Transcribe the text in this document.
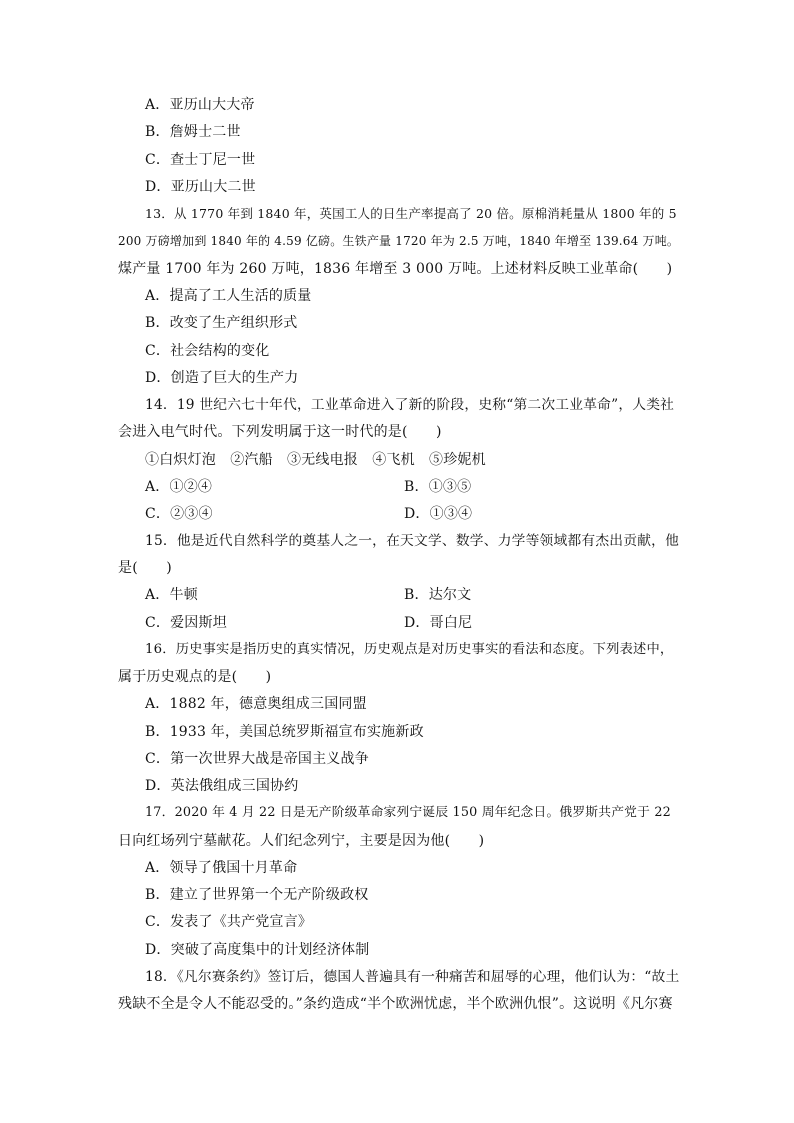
A．亚历山大大帝
B．詹姆士二世
C．查士丁尼一世
D．亚历山大二世
13．从 1770 年到 1840 年，英国工人的日生产率提高了 20 倍。原棉消耗量从 1800 年的 5
200 万磅增加到 1840 年的 4.59 亿磅。生铁产量 1720 年为 2.5 万吨，1840 年增至 139.64 万吨。
煤产量 1700 年为 260 万吨，1836 年增至 3 000 万吨。上述材料反映工业革命(　　)
A．提高了工人生活的质量
B．改变了生产组织形式
C．社会结构的变化
D．创造了巨大的生产力
14．19 世纪六七十年代，工业革命进入了新的阶段，史称“第二次工业革命”，人类社
会进入电气时代。下列发明属于这一时代的是(　　)
①白炽灯泡　②汽船　③无线电报　④飞机　⑤珍妮机
A．①②④	B．①③⑤
C．②③④	D．①③④
15．他是近代自然科学的奠基人之一，在天文学、数学、力学等领域都有杰出贡献，他
是(　　)
A．牛顿	B．达尔文
C．爱因斯坦	D．哥白尼
16．历史事实是指历史的真实情况，历史观点是对历史事实的看法和态度。下列表述中，
属于历史观点的是(　　)
A．1882 年，德意奥组成三国同盟
B．1933 年，美国总统罗斯福宣布实施新政
C．第一次世界大战是帝国主义战争
D．英法俄组成三国协约
17．2020 年 4 月 22 日是无产阶级革命家列宁诞辰 150 周年纪念日。俄罗斯共产党于 22
日向红场列宁墓献花。人们纪念列宁，主要是因为他(　　)
A．领导了俄国十月革命
B．建立了世界第一个无产阶级政权
C．发表了《共产党宣言》
D．突破了高度集中的计划经济体制
18．《凡尔赛条约》签订后，德国人普遍具有一种痛苦和屈辱的心理，他们认为：“故土
残缺不全是令人不能忍受的。”条约造成“半个欧洲忧虑，半个欧洲仇恨”。这说明《凡尔赛
